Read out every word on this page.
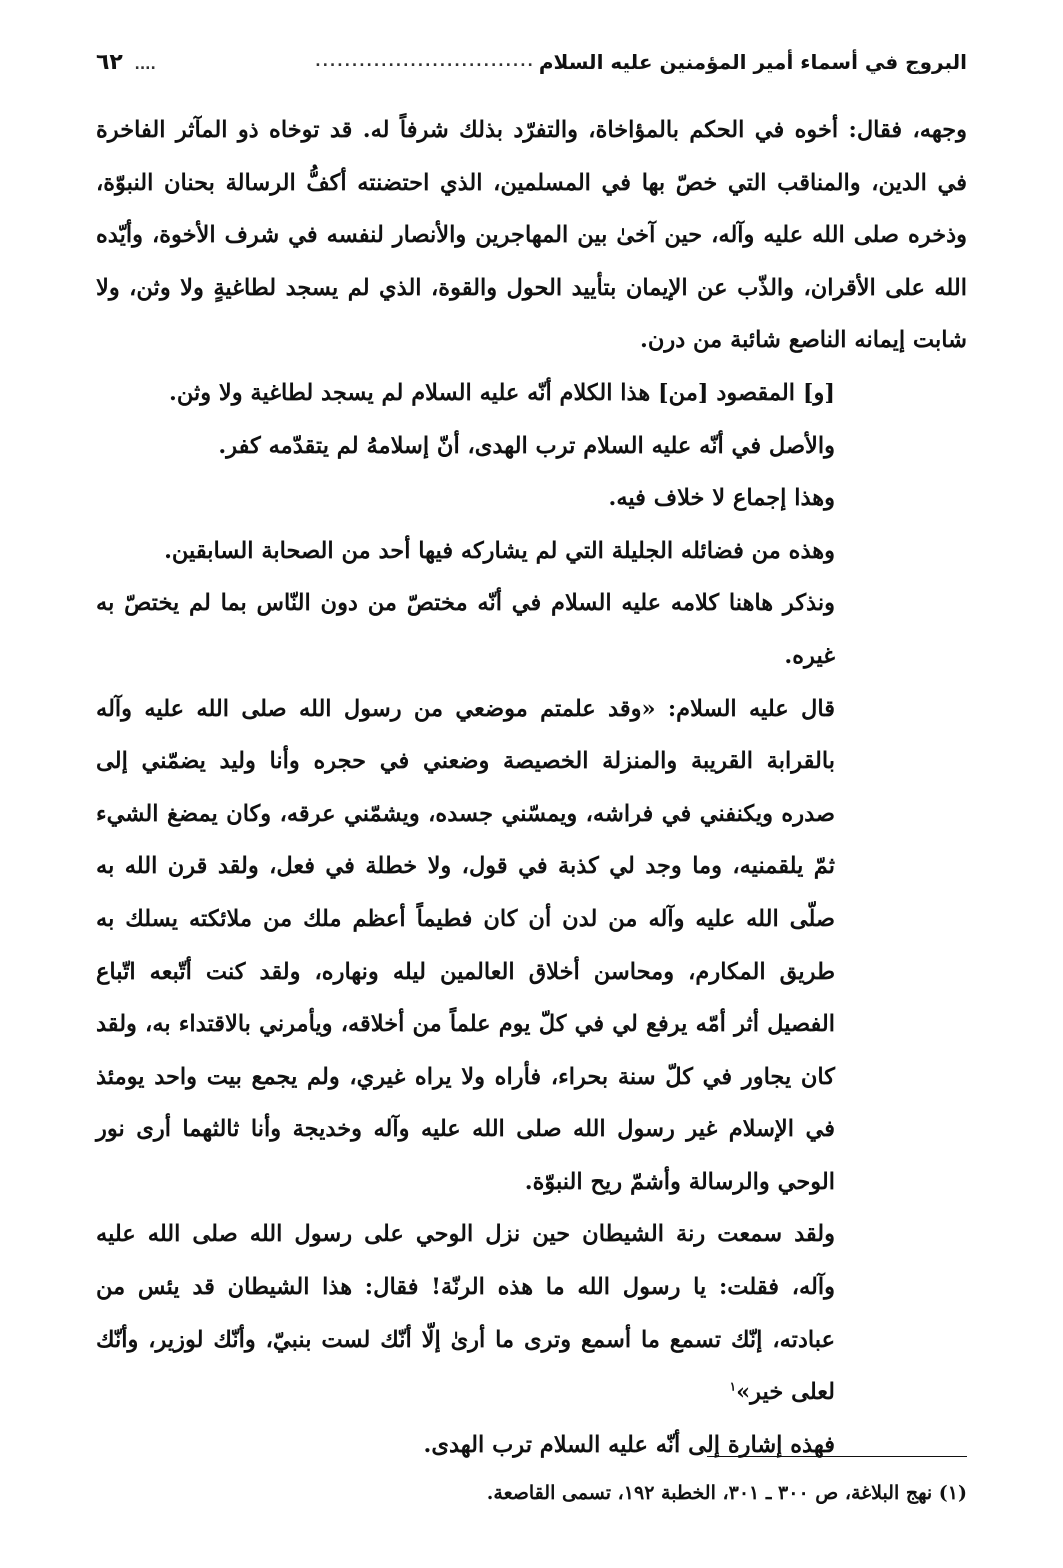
البروج في أسماء أمير المؤمنين عليه السلام
..............................
.... ٦٢

وجهه، فقال: أخوه في الحكم بالمؤاخاة، والتفرّد بذلك شرفاً له. قد توخاه ذو المآثر الفاخرة في الدين، والمناقب التي خصّ بها في المسلمين، الذي احتضنته أكفُّ الرسالة بحنان النبوّة، وذخره صلى الله عليه وآله، حين آخىٰ بين المهاجرين والأنصار لنفسه في شرف الأخوة، وأيّده الله على الأقران، والذّب عن الإيمان بتأييد الحول والقوة، الذي لم يسجد لطاغيةٍ ولا وثن، ولا شابت إيمانه الناصع شائبة من درن.

[و] المقصود [من] هذا الكلام أنّه عليه السلام لم يسجد لطاغية ولا وثن.

والأصل في أنّه عليه السلام ترب الهدى، أنّ إسلامهُ لم يتقدّمه كفر.

وهذا إجماع لا خلاف فيه.

وهذه من فضائله الجليلة التي لم يشاركه فيها أحد من الصحابة السابقين.

ونذكر هاهنا كلامه عليه السلام في أنّه مختصّ من دون النّاس بما لم يختصّ به غيره.

قال عليه السلام: «وقد علمتم موضعي من رسول الله صلى الله عليه وآله بالقرابة القريبة والمنزلة الخصيصة وضعني في حجره وأنا وليد يضمّني إلى صدره ويكنفني في فراشه، ويمسّني جسده، ويشمّني عرقه، وكان يمضغ الشيء ثمّ يلقمنيه، وما وجد لي كذبة في قول، ولا خطلة في فعل، ولقد قرن الله به صلّى الله عليه وآله من لدن أن كان فطيماً أعظم ملك من ملائكته يسلك به طريق المكارم، ومحاسن أخلاق العالمين ليله ونهاره، ولقد كنت أتّبعه اتّباع الفصيل أثر أمّه يرفع لي في كلّ يوم علماً من أخلاقه، ويأمرني بالاقتداء به، ولقد كان يجاور في كلّ سنة بحراء، فأراه ولا يراه غيري، ولم يجمع بيت واحد يومئذ في الإسلام غير رسول الله صلى الله عليه وآله وخديجة وأنا ثالثهما أرى نور الوحي والرسالة وأشمّ ريح النبوّة.

ولقد سمعت رنة الشيطان حين نزل الوحي على رسول الله صلى الله عليه وآله، فقلت: يا رسول الله ما هذه الرنّة! فقال: هذا الشيطان قد يئس من عبادته، إنّك تسمع ما أسمع وترى ما أرىٰ إلّا أنّك لست بنبيّ، وأنّك لوزير، وأنّك لعلى خير»$^١$

فهذه إشارة إلى أنّه عليه السلام ترب الهدى.

(١) نهج البلاغة، ص ٣٠٠ ـ ٣٠١، الخطبة ١٩٢، تسمى القاصعة.
